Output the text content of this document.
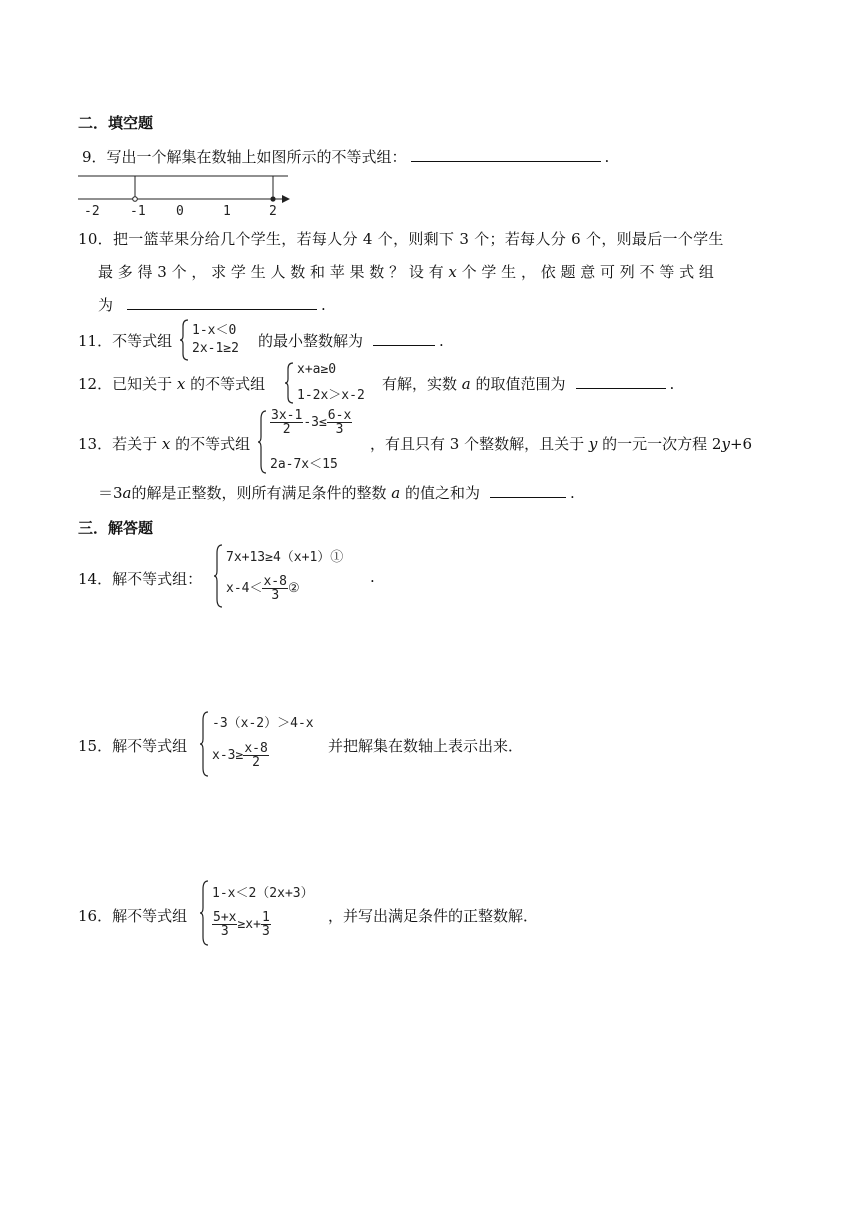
二．填空题
9．写出一个解集在数轴上如图所示的不等式组：	.
-2 -1 0	1	2
10．把一篮苹果分给几个学生，若每人分 4 个，则剩下 3 个；若每人分 6 个，则最后一个学生
最 多 得 3 个 ， 求 学 生 人 数 和 苹 果 数 ？ 设 有 x 个 学 生 ， 依 题 意 可 列 不 等 式 组
为	.
11．不等式组
1-x＜0
2x-1≥2 的最小整数解为	.
12．已知关于 x 的不等式组
x+a≥0
1-2x＞x-2
有解，实数 a 的取值范围为	.
13．若关于 x 的不等式组
$\frac{3x-1}{2} -3\le \frac{6-x}{3}$
2a-7x＜15
，有且只有 3 个整数解，且关于 y 的一元一次方程 2y+6
＝3a的解是正整数，则所有满足条件的整数 a 的值之和为	.
三．解答题
14．解不等式组：
7x+13≥4（x+1）①
$x-4< \frac{x-8}{3}$ ②
.
15．解不等式组
-3（x-2）＞4-x
$x-3\ge \frac{x-8}{2}$	并把解集在数轴上表示出来．
16．解不等式组
1-x＜2（2x+3）
$\frac{5+x}{3} \ge x+ \frac{1}{3}$	，并写出满足条件的正整数解．
